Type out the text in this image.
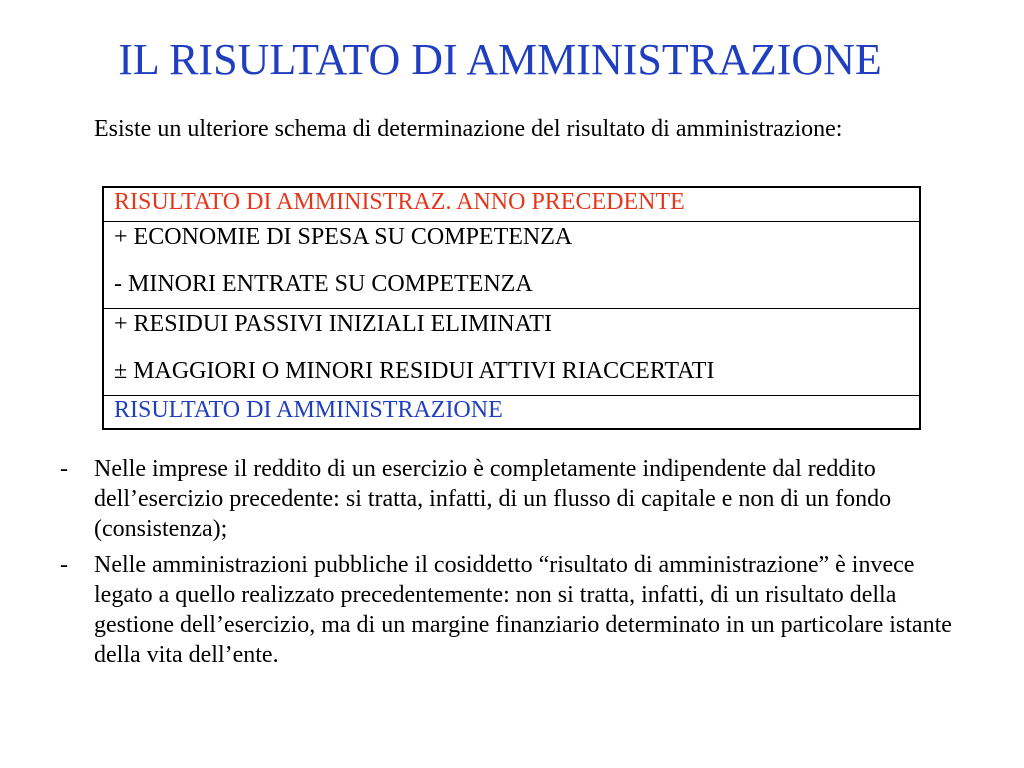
IL RISULTATO DI AMMINISTRAZIONE
Esiste un ulteriore schema di determinazione del risultato di amministrazione:
RISULTATO DI AMMINISTRAZ. ANNO PRECEDENTE
+ ECONOMIE DI SPESA SU COMPETENZA
- MINORI ENTRATE SU COMPETENZA
+ RESIDUI PASSIVI INIZIALI ELIMINATI
± MAGGIORI O MINORI RESIDUI ATTIVI RIACCERTATI
RISULTATO DI AMMINISTRAZIONE
- Nelle imprese il reddito di un esercizio è completamente indipendente dal reddito dell’esercizio precedente: si tratta, infatti, di un flusso di capitale e non di un fondo (consistenza);
- Nelle amministrazioni pubbliche il cosiddetto “risultato di amministrazione” è invece legato a quello realizzato precedentemente: non si tratta, infatti, di un risultato della gestione dell’esercizio, ma di un margine finanziario determinato in un particolare istante della vita dell’ente.
